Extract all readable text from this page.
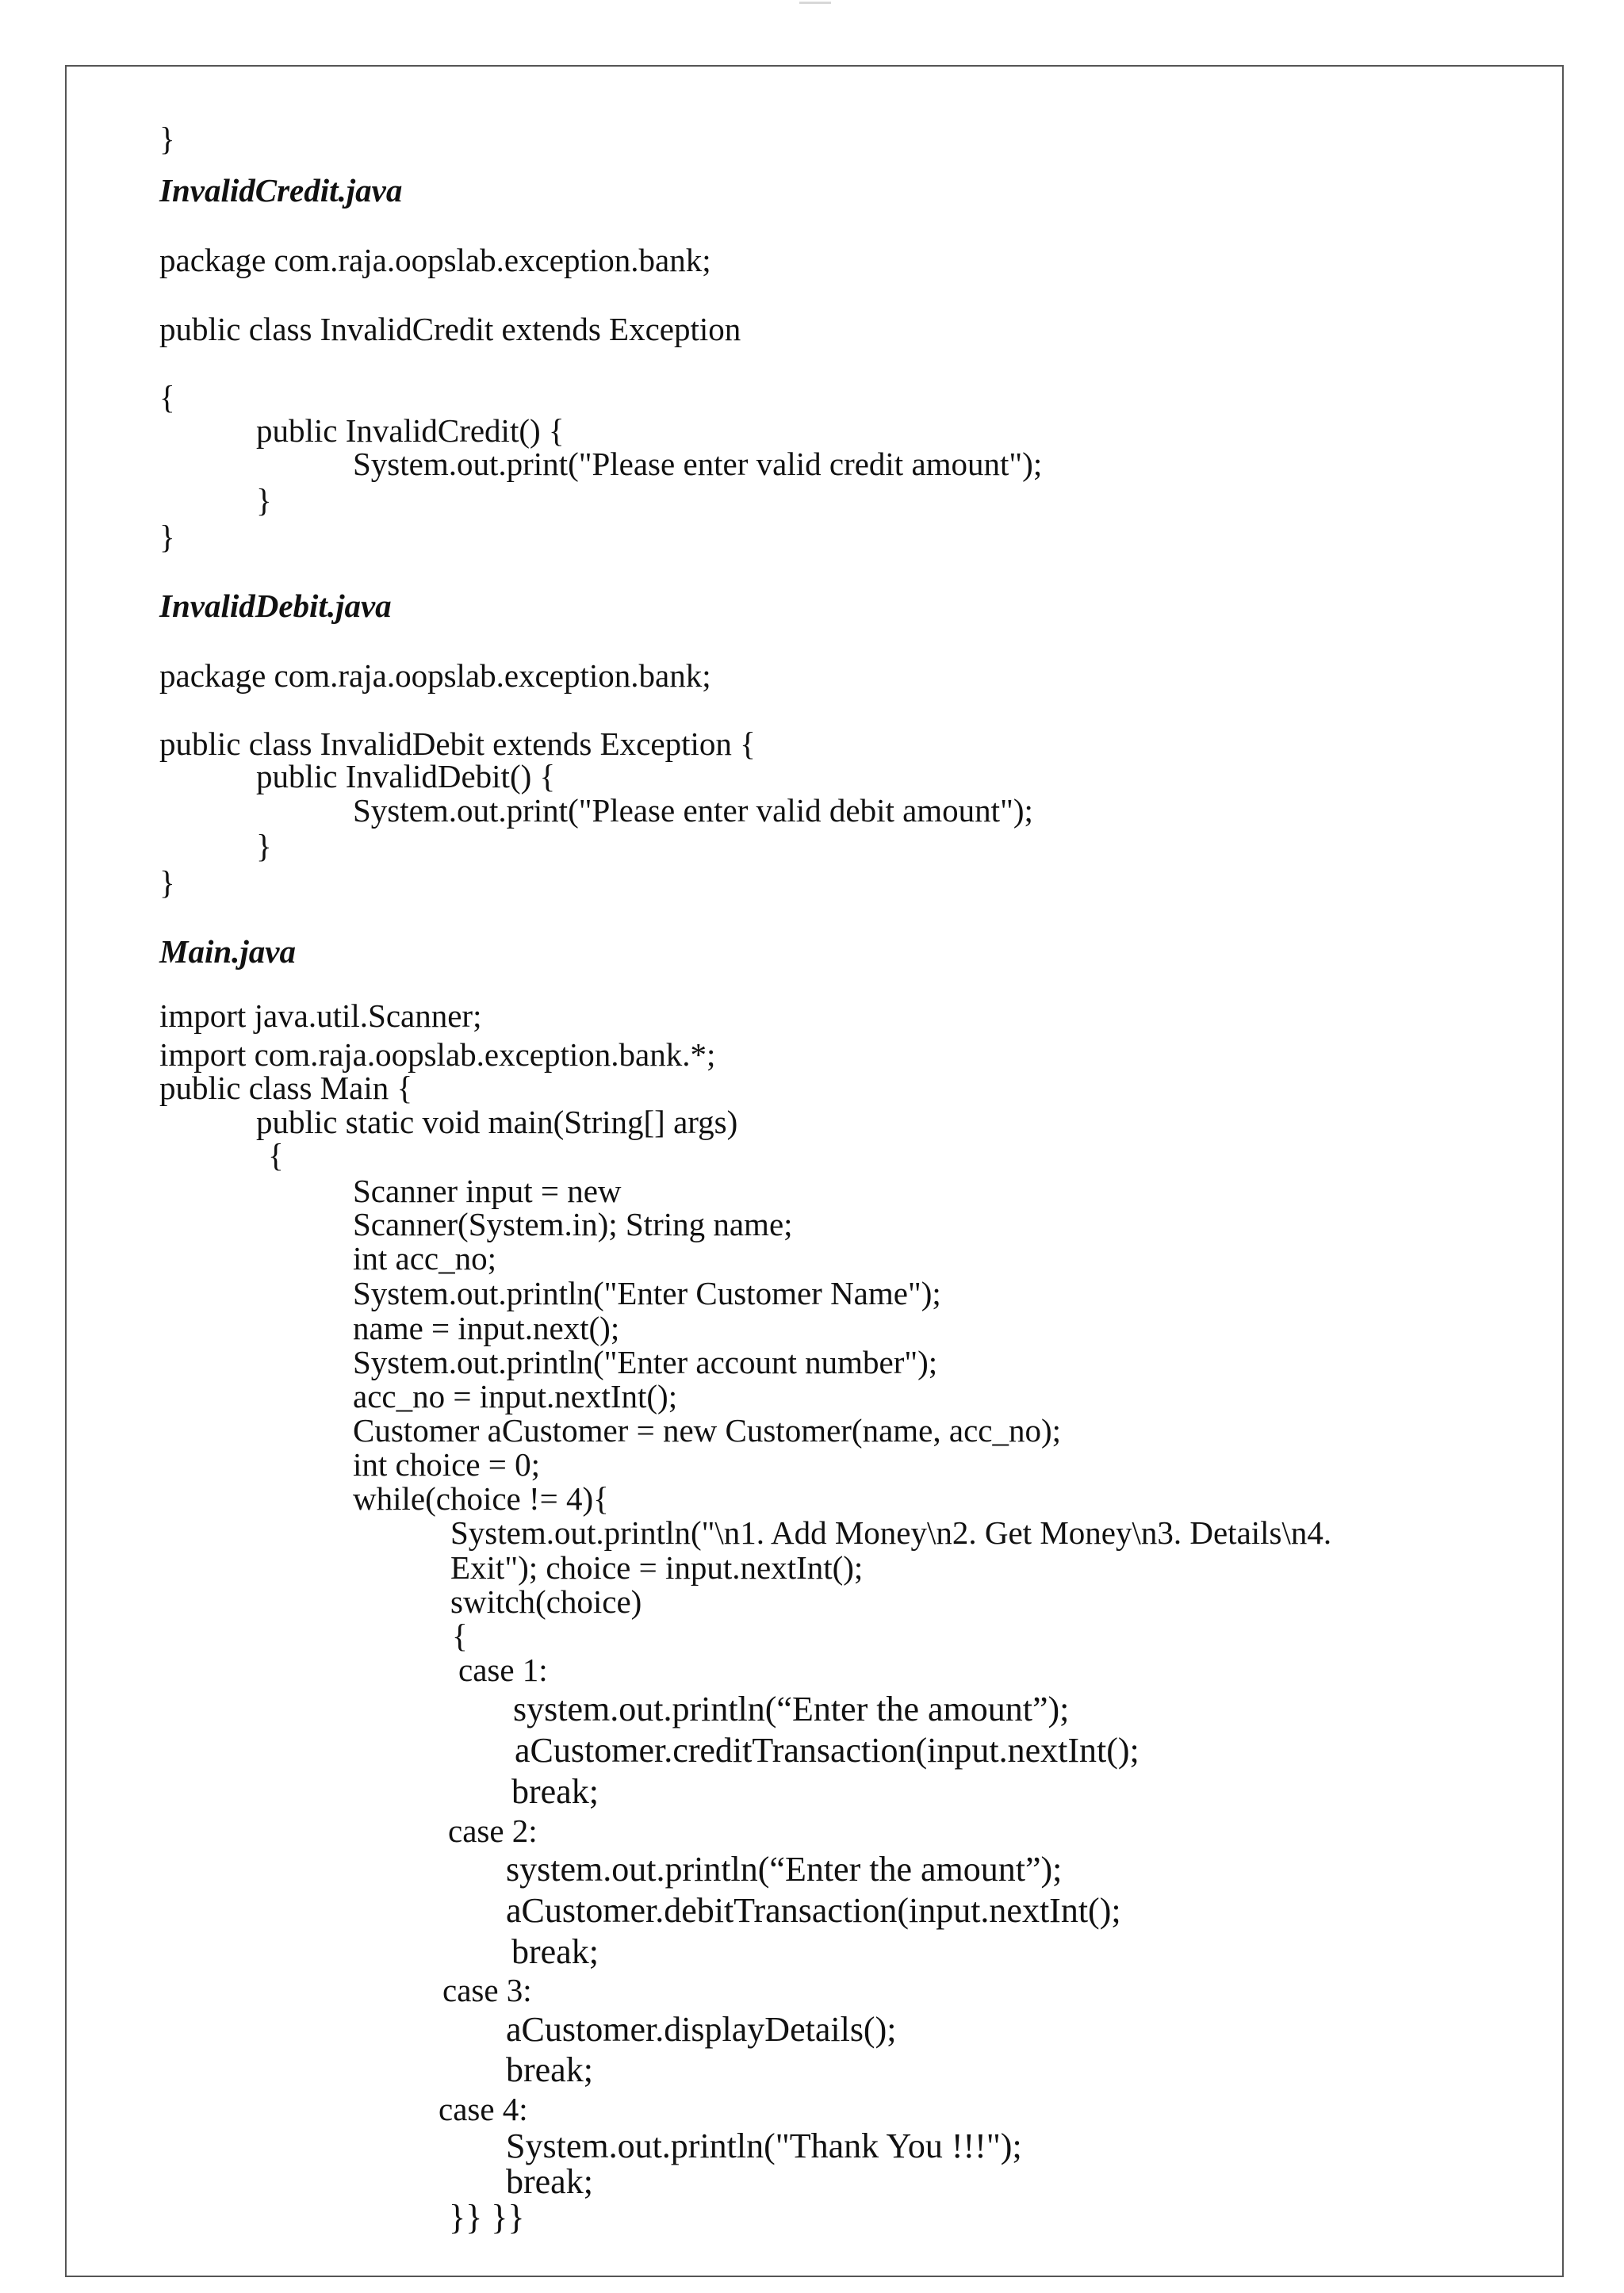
}
InvalidCredit.java
package com.raja.oopslab.exception.bank;
public class InvalidCredit extends Exception
{
public InvalidCredit() {
System.out.print("Please enter valid credit amount");
}
}
InvalidDebit.java
package com.raja.oopslab.exception.bank;
public class InvalidDebit extends Exception {
public InvalidDebit() {
System.out.print("Please enter valid debit amount");
}
}
Main.java
import java.util.Scanner;
import com.raja.oopslab.exception.bank.*;
public class Main {
public static void main(String[] args)
{
Scanner input = new
Scanner(System.in); String name;
int acc_no;
System.out.println("Enter Customer Name");
name = input.next();
System.out.println("Enter account number");
acc_no = input.nextInt();
Customer aCustomer = new Customer(name, acc_no);
int choice = 0;
while(choice != 4){
System.out.println("\n1. Add Money\n2. Get Money\n3. Details\n4.
Exit"); choice = input.nextInt();
switch(choice)
{
case 1:
system.out.println(“Enter the amount”);
aCustomer.creditTransaction(input.nextInt();
break;
case 2:
system.out.println(“Enter the amount”);
aCustomer.debitTransaction(input.nextInt();
break;
case 3:
aCustomer.displayDetails();
break;
case 4:
System.out.println("Thank You !!!");
break;
}} }}
